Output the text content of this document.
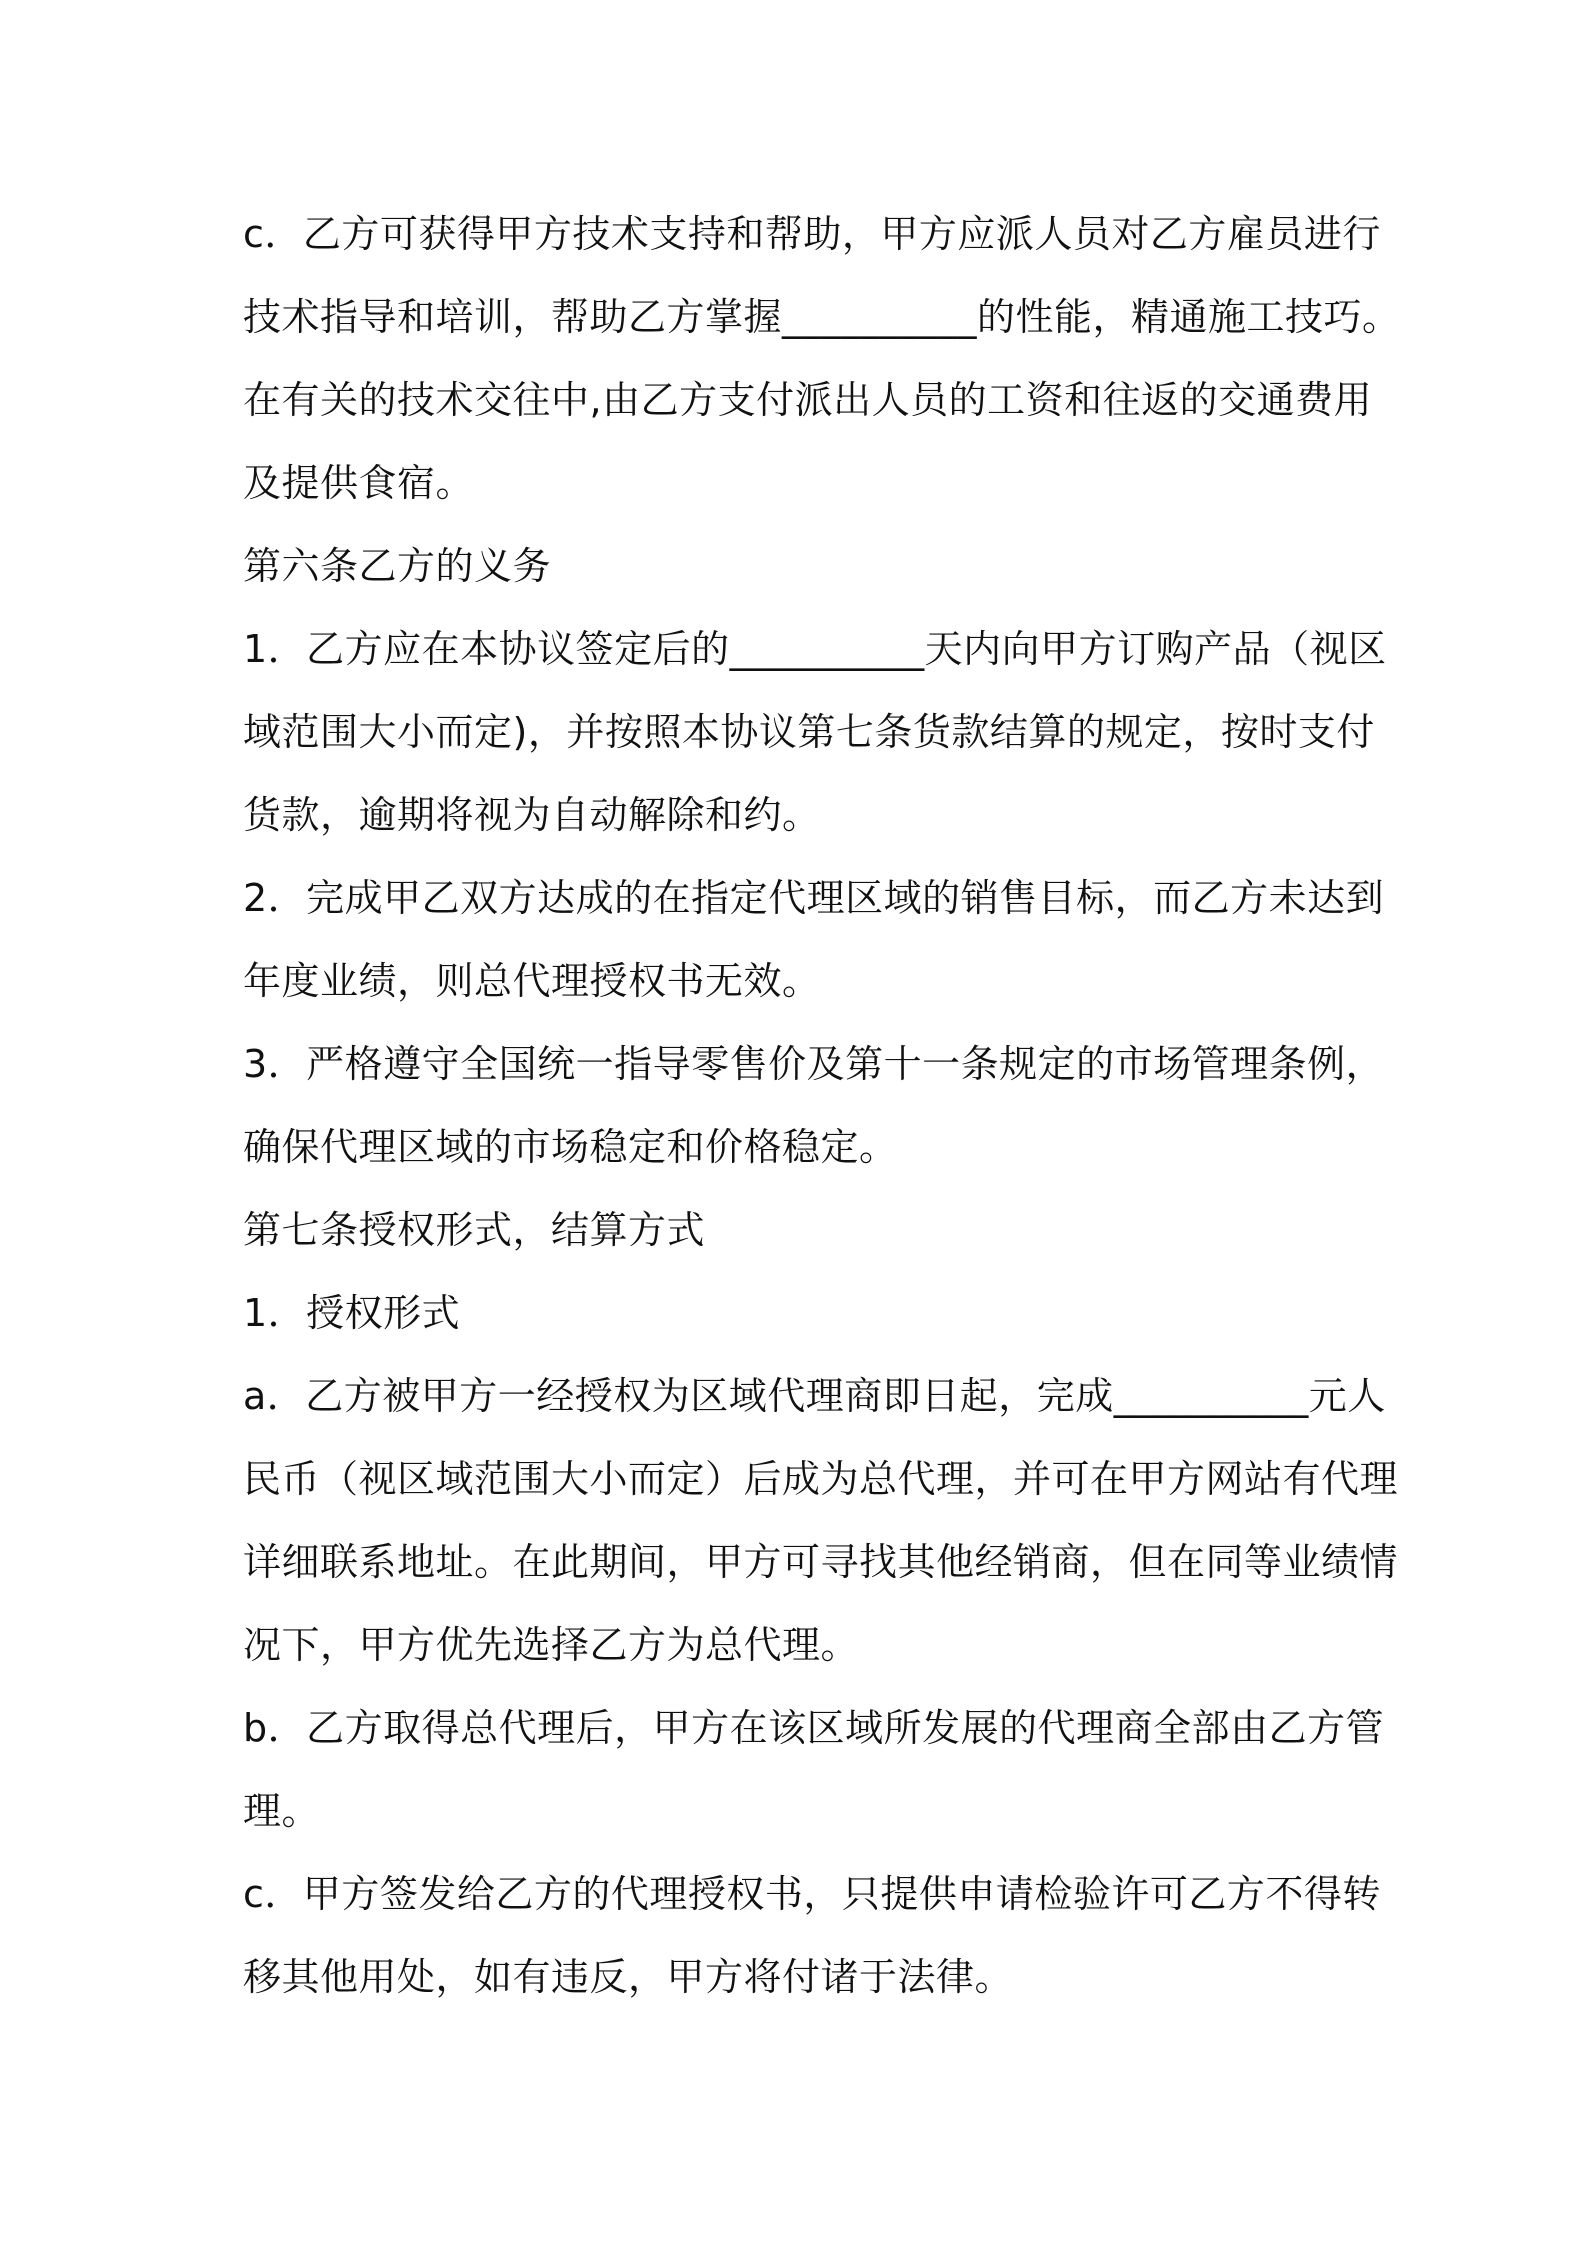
c．乙方可获得甲方技术支持和帮助，甲方应派人员对乙方雇员进行
技术指导和培训，帮助乙方掌握__________的性能，精通施工技巧。
在有关的技术交往中,由乙方支付派出人员的工资和往返的交通费用
及提供食宿。

第六条乙方的义务

1．乙方应在本协议签定后的__________天内向甲方订购产品（视区
域范围大小而定)，并按照本协议第七条货款结算的规定，按时支付
货款，逾期将视为自动解除和约。

2．完成甲乙双方达成的在指定代理区域的销售目标，而乙方未达到
年度业绩，则总代理授权书无效。

3．严格遵守全国统一指导零售价及第十一条规定的市场管理条例，
确保代理区域的市场稳定和价格稳定。

第七条授权形式，结算方式

1．授权形式

a．乙方被甲方一经授权为区域代理商即日起，完成__________元人
民币（视区域范围大小而定）后成为总代理，并可在甲方网站有代理
详细联系地址。在此期间，甲方可寻找其他经销商，但在同等业绩情
况下，甲方优先选择乙方为总代理。

b．乙方取得总代理后，甲方在该区域所发展的代理商全部由乙方管
理。

c．甲方签发给乙方的代理授权书，只提供申请检验许可乙方不得转
移其他用处，如有违反，甲方将付诸于法律。
